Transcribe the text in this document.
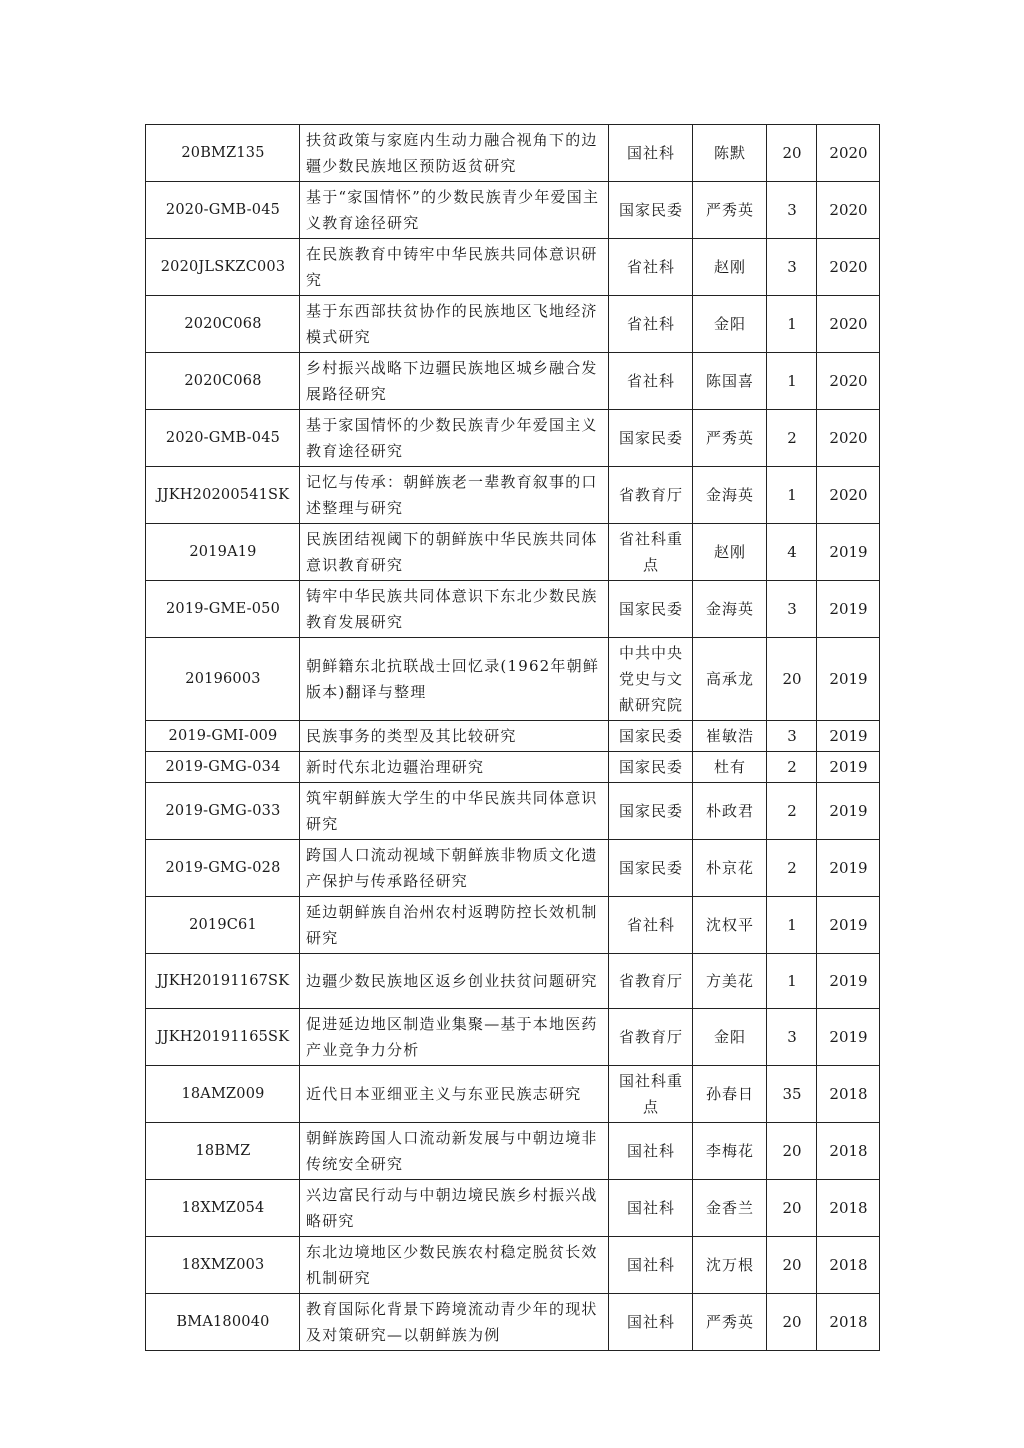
20BMZ135	扶贫政策与家庭内生动力融合视角下的边疆少数民族地区预防返贫研究	国社科	陈默	20	2020
2020-GMB-045	基于“家国情怀”的少数民族青少年爱国主义教育途径研究	国家民委	严秀英	3	2020
2020JLSKZC003	在民族教育中铸牢中华民族共同体意识研究	省社科	赵刚	3	2020
2020C068	基于东西部扶贫协作的民族地区飞地经济模式研究	省社科	金阳	1	2020
2020C068	乡村振兴战略下边疆民族地区城乡融合发展路径研究	省社科	陈国喜	1	2020
2020-GMB-045	基于家国情怀的少数民族青少年爱国主义教育途径研究	国家民委	严秀英	2	2020
JJKH20200541SK	记忆与传承：朝鲜族老一辈教育叙事的口述整理与研究	省教育厅	金海英	1	2020
2019A19	民族团结视阈下的朝鲜族中华民族共同体意识教育研究	省社科重点	赵刚	4	2019
2019-GME-050	铸牢中华民族共同体意识下东北少数民族教育发展研究	国家民委	金海英	3	2019
20196003	朝鲜籍东北抗联战士回忆录(1962年朝鲜版本)翻译与整理	中共中央党史与文献研究院	高承龙	20	2019
2019-GMI-009	民族事务的类型及其比较研究	国家民委	崔敏浩	3	2019
2019-GMG-034	新时代东北边疆治理研究	国家民委	杜有	2	2019
2019-GMG-033	筑牢朝鲜族大学生的中华民族共同体意识研究	国家民委	朴政君	2	2019
2019-GMG-028	跨国人口流动视域下朝鲜族非物质文化遗产保护与传承路径研究	国家民委	朴京花	2	2019
2019C61	延边朝鲜族自治州农村返聘防控长效机制研究	省社科	沈权平	1	2019
JJKH20191167SK	边疆少数民族地区返乡创业扶贫问题研究	省教育厅	方美花	1	2019
JJKH20191165SK	促进延边地区制造业集聚—基于本地医药产业竞争力分析	省教育厅	金阳	3	2019
18AMZ009	近代日本亚细亚主义与东亚民族志研究	国社科重点	孙春日	35	2018
18BMZ	朝鲜族跨国人口流动新发展与中朝边境非传统安全研究	国社科	李梅花	20	2018
18XMZ054	兴边富民行动与中朝边境民族乡村振兴战略研究	国社科	金香兰	20	2018
18XMZ003	东北边境地区少数民族农村稳定脱贫长效机制研究	国社科	沈万根	20	2018
BMA180040	教育国际化背景下跨境流动青少年的现状及对策研究—以朝鲜族为例	国社科	严秀英	20	2018
